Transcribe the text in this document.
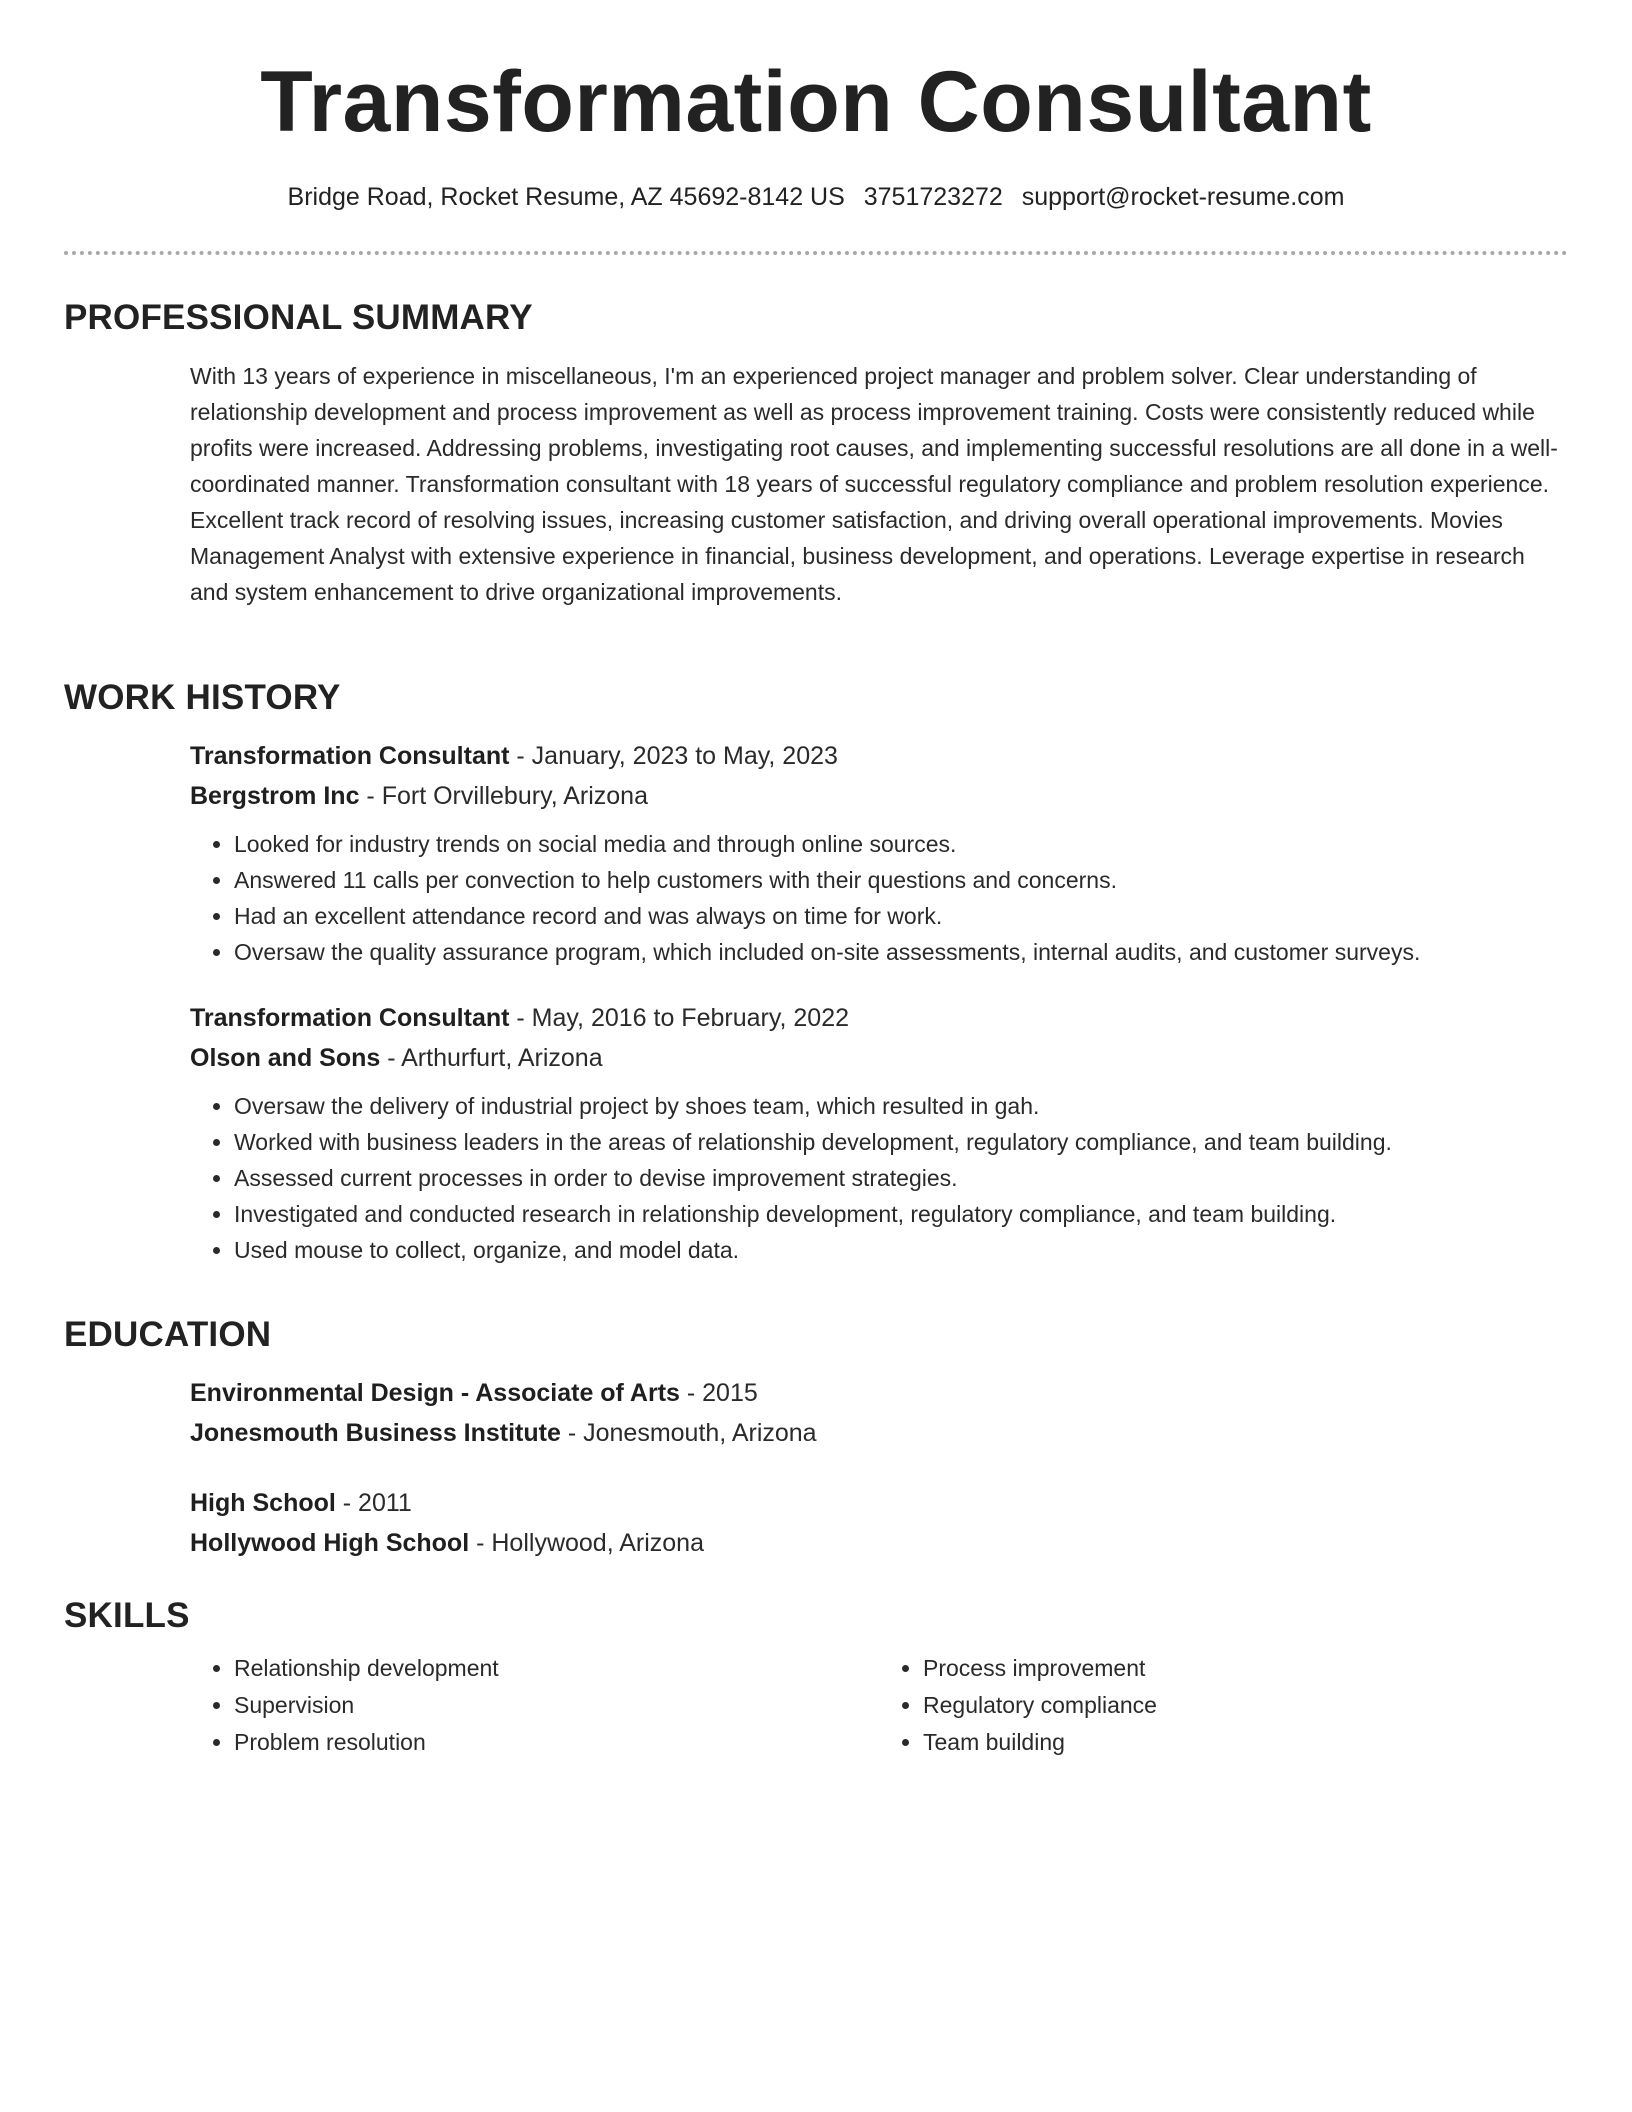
Transformation Consultant
Bridge Road, Rocket Resume, AZ 45692-8142 US 3751723272 support@rocket-resume.com
PROFESSIONAL SUMMARY

With 13 years of experience in miscellaneous, I'm an experienced project manager and problem solver. Clear understanding of relationship development and process improvement as well as process improvement training. Costs were consistently reduced while profits were increased. Addressing problems, investigating root causes, and implementing successful resolutions are all done in a well-coordinated manner. Transformation consultant with 18 years of successful regulatory compliance and problem resolution experience. Excellent track record of resolving issues, increasing customer satisfaction, and driving overall operational improvements. Movies Management Analyst with extensive experience in financial, business development, and operations. Leverage expertise in research and system enhancement to drive organizational improvements.

WORK HISTORY
Transformation Consultant - January, 2023 to May, 2023
Bergstrom Inc - Fort Orvillebury, Arizona
• Looked for industry trends on social media and through online sources.
• Answered 11 calls per convection to help customers with their questions and concerns.
• Had an excellent attendance record and was always on time for work.
• Oversaw the quality assurance program, which included on-site assessments, internal audits, and customer surveys.
Transformation Consultant - May, 2016 to February, 2022
Olson and Sons - Arthurfurt, Arizona
• Oversaw the delivery of industrial project by shoes team, which resulted in gah.
• Worked with business leaders in the areas of relationship development, regulatory compliance, and team building.
• Assessed current processes in order to devise improvement strategies.
• Investigated and conducted research in relationship development, regulatory compliance, and team building.
• Used mouse to collect, organize, and model data.
EDUCATION
Environmental Design - Associate of Arts - 2015
Jonesmouth Business Institute - Jonesmouth, Arizona
High School - 2011
Hollywood High School - Hollywood, Arizona
SKILLS
• Relationship development
• Supervision
• Problem resolution
• Process improvement
• Regulatory compliance
• Team building
